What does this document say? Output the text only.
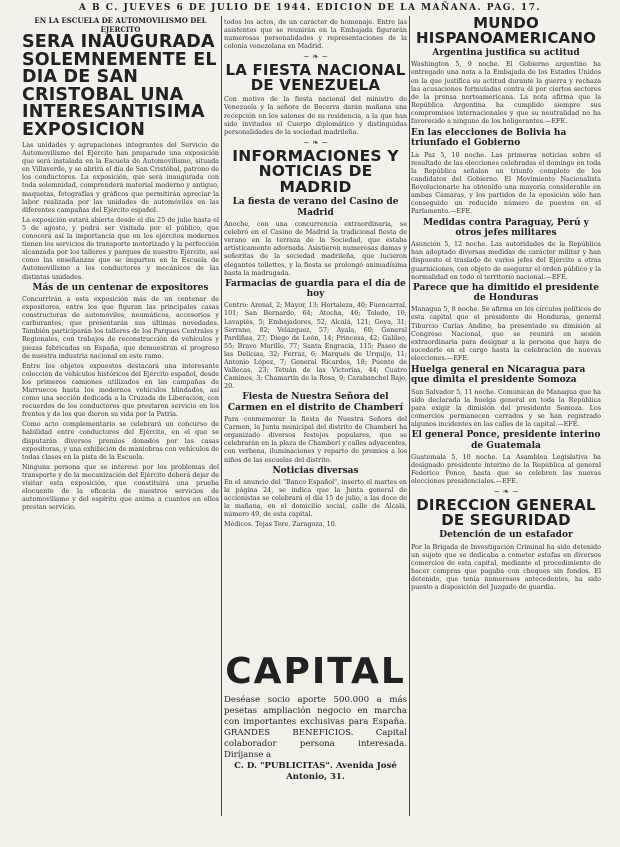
A B C. JUEVES 6 DE JULIO DE 1944. EDICION DE LA MAÑANA. PAG. 17.
EN LA ESCUELA DE AUTOMOVILISMO DEL EJERCITO
SERA INAUGURADA SOLEMNEMENTE EL DIA DE SAN CRISTOBAL UNA INTERESANTISIMA EXPOSICION
Las unidades y agrupaciones integrantes del Servicio de Automovilismo del Ejército han preparado una exposición que será instalada en la Escuela de Automovilismo, situada en Villaverde, y se abrirá el día de San Cristóbal, patrono de los conductores. La exposición, que será inaugurada con toda solemnidad, comprenderá material moderno y antiguo, maquetas, fotografías y gráficos que permitirán apreciar la labor realizada por las unidades de automóviles en las diferentes campañas del Ejército español.
La exposición estará abierta desde el día 25 de julio hasta el 5 de agosto, y podrá ser visitada por el público, que conocerá así la importancia que en los ejércitos modernos tienen los servicios de transporte motorizado y la perfección alcanzada por los talleres y parques de nuestro Ejército, así como las enseñanzas que se imparten en la Escuela de Automovilismo a los conductores y mecánicos de las distintas unidades.
Más de un centenar de expositores
Concurrirán a esta exposición más de un centenar de expositores, entre los que figuran las principales casas constructoras de automóviles, neumáticos, accesorios y carburantes, que presentarán sus últimas novedades. También participarán los talleres de los Parques Centrales y Regionales, con trabajos de reconstrucción de vehículos y piezas fabricadas en España, que demuestran el progreso de nuestra industria nacional en este ramo.
Entre los objetos expuestos destacará una interesante colección de vehículos históricos del Ejército español, desde los primeros camiones utilizados en las campañas de Marruecos hasta los modernos vehículos blindados, así como una sección dedicada a la Cruzada de Liberación, con recuerdos de los conductores que prestaron servicio en los frentes y de los que dieron su vida por la Patria.
Como acto complementario se celebrará un concurso de habilidad entre conductores del Ejército, en el que se disputarán diversos premios donados por las casas expositoras, y una exhibición de maniobras con vehículos de todas clases en la pista de la Escuela.
Ninguna persona que se interese por los problemas del transporte y de la mecanización del Ejército deberá dejar de visitar esta exposición, que constituirá una prueba elocuente de la eficacia de nuestros servicios de automovilismo y del espíritu que anima a cuantos en ellos prestan servicio.
todos los actos, de un carácter de homenaje. Entre las asistentes que se reunirán en la Embajada figurarán numerosas personalidades y representaciones de la colonia venezolana en Madrid.
~ ❧ ~
LA FIESTA NACIONAL DE VENEZUELA
Con motivo de la fiesta nacional del ministro de Venezuela y la señora de Becerra darán mañana una recepción en los salones de su residencia, a la que han sido invitados el Cuerpo diplomático y distinguidas personalidades de la sociedad madrileña.
~ ❧ ~
INFORMACIONES Y NOTICIAS DE MADRID
La fiesta de verano del Casino de Madrid
Anoche, con una concurrencia extraordinaria, se celebró en el Casino de Madrid la tradicional fiesta de verano en la terraza de la Sociedad, que estaba artísticamente adornada. Asistieron numerosas damas y señoritas de la sociedad madrileña, que lucieron elegantes toilettes, y la fiesta se prolongó animadísima hasta la madrugada.
Farmacias de guardia para el día de hoy
Centro: Arenal, 2; Mayor, 13; Hortaleza, 40; Fuencarral, 101; San Bernardo, 64; Atocha, 46; Toledo, 16; Lavapiés, 5; Embajadores, 52; Alcalá, 121; Goya, 31; Serrano, 82; Velázquez, 57; Ayala, 60; General Pardiñas, 27; Diego de León, 14; Princesa, 42; Galileo, 55; Bravo Murillo, 77; Santa Engracia, 115; Paseo de las Delicias, 32; Ferraz, 6; Marqués de Urquijo, 11; Antonio López, 7; General Ricardos, 18; Puente de Vallecas, 23; Tetuán de las Victorias, 44; Cuatro Caminos, 3; Chamartín de la Rosa, 9; Carabanchel Bajo, 20.
Fiesta de Nuestra Señora del Carmen en el distrito de Chamberí
Para conmemorar la fiesta de Nuestra Señora del Carmen, la Junta municipal del distrito de Chamberí ha organizado diversos festejos populares, que se celebrarán en la plaza de Chamberí y calles adyacentes, con verbena, iluminaciones y reparto de premios a los niños de las escuelas del distrito.
Noticias diversas
En el anuncio del "Banco Español", inserto el martes en la página 24, se indica que la Junta general de accionistas se celebrará el día 15 de julio, a las doce de la mañana, en el domicilio social, calle de Alcalá, número 49, de esta capital.
Médicos. Tejas Tere. Zaragoza, 10.
CAPITAL
Deséase socio aporte 500.000 a más pesetas ampliación negocio en marcha con importantes exclusivas para España. GRANDES BENEFICIOS. Capital colaborador persona interesada. Diríjanse a
C. D. "PUBLICITAS". Avenida José Antonio, 31.
MUNDO HISPANOAMERICANO
Argentina justifica su actitud
Washington 5, 9 noche. El Gobierno argentino ha entregado una nota a la Embajada de los Estados Unidos en la que justifica su actitud durante la guerra y rechaza las acusaciones formuladas contra él por ciertos sectores de la prensa norteamericana. La nota afirma que la República Argentina ha cumplido siempre sus compromisos internacionales y que su neutralidad no ha favorecido a ninguno de los beligerantes.—EFE.
En las elecciones de Bolivia ha triunfado el Gobierno
La Paz 5, 10 noche. Las primeras noticias sobre el resultado de las elecciones celebradas el domingo en toda la República señalan un triunfo completo de los candidatos del Gobierno. El Movimiento Nacionalista Revolucionario ha obtenido una mayoría considerable en ambas Cámaras, y los partidos de la oposición sólo han conseguido un reducido número de puestos en el Parlamento.—EFE.
Medidas contra Paraguay, Perú y otros jefes militares
Asunción 5, 12 noche. Las autoridades de la República han adoptado diversas medidas de carácter militar y han dispuesto el traslado de varios jefes del Ejército a otras guarniciones, con objeto de asegurar el orden público y la normalidad en todo el territorio nacional.—EFE.
Parece que ha dimitido el presidente de Honduras
Managua 5, 8 noche. Se afirma en los círculos políticos de esta capital que el presidente de Honduras, general Tiburcio Carías Andino, ha presentado su dimisión al Congreso Nacional, que se reunirá en sesión extraordinaria para designar a la persona que haya de sucederle en el cargo hasta la celebración de nuevas elecciones.—EFE.
Huelga general en Nicaragua para que dimita el presidente Somoza
San Salvador 5, 11 noche. Comunican de Managua que ha sido declarada la huelga general en toda la República para exigir la dimisión del presidente Somoza. Los comercios permanecen cerrados y se han registrado algunos incidentes en las calles de la capital.—EFE.
El general Ponce, presidente interino de Guatemala
Guatemala 5, 10 noche. La Asamblea Legislativa ha designado presidente interino de la República al general Federico Ponce, hasta que se celebren las nuevas elecciones presidenciales.—EFE.
~ ❧ ~
DIRECCION GENERAL DE SEGURIDAD
Detención de un estafador
Por la Brigada de Investigación Criminal ha sido detenido un sujeto que se dedicaba a cometer estafas en diversos comercios de esta capital, mediante el procedimiento de hacer compras que pagaba con cheques sin fondos. El detenido, que tenía numerosos antecedentes, ha sido puesto a disposición del Juzgado de guardia.
